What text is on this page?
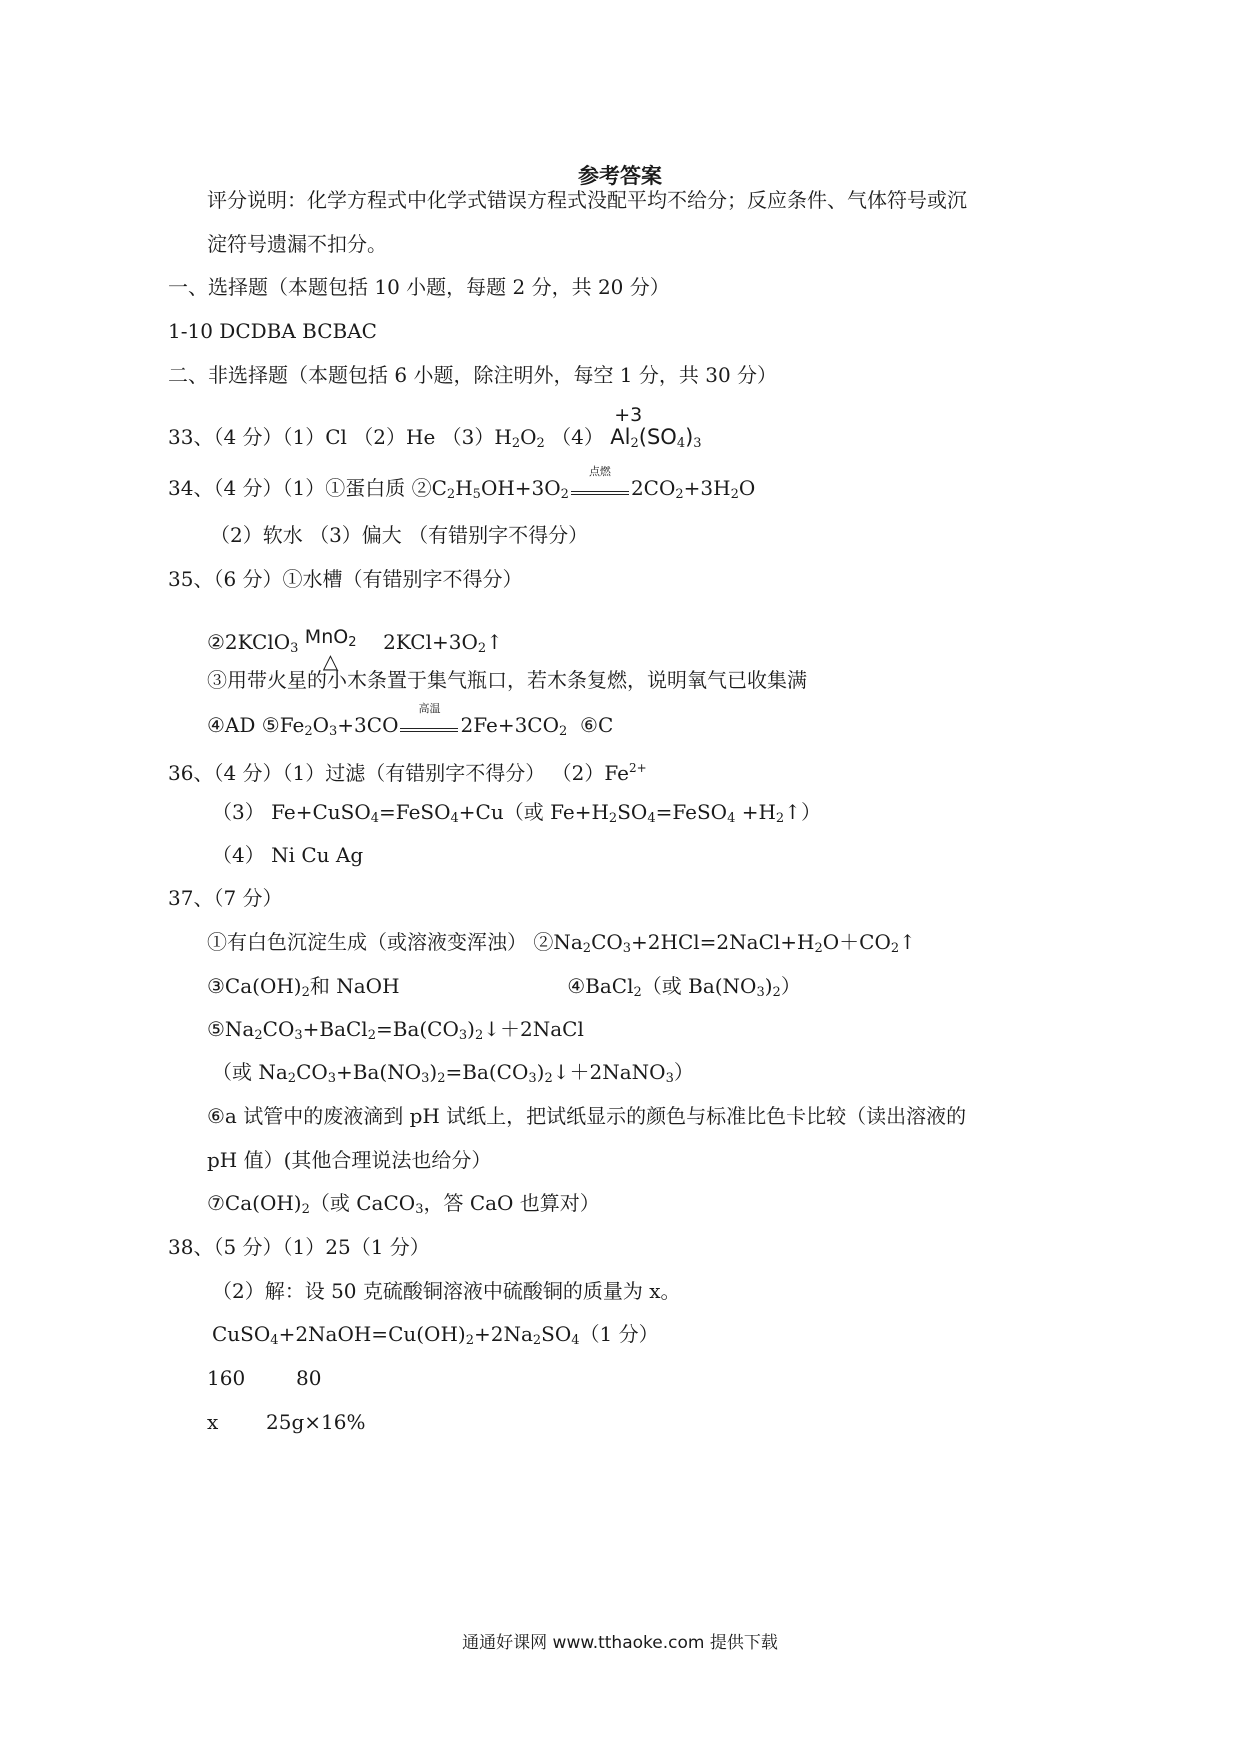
参考答案
评分说明：化学方程式中化学式错误方程式没配平均不给分；反应条件、气体符号或沉
淀符号遗漏不扣分。
一、选择题（本题包括 10 小题，每题 2 分，共 20 分）
1-10 DCDBA BCBAC
二、非选择题（本题包括 6 小题，除注明外，每空 1 分，共 30 分）
33、（4 分）（1）Cl （2）He $(3)H_2O_2$ （4）
+3
$Al_2(SO_4)_3$
34、（4 分）（1）①蛋白质 $②C_2H_5OH+3O_2$
点燃
$2CO_2+3H_2O$
（2）软水 （3）偏大 （有错别字不得分）
35、（6 分）①水槽（有错别字不得分）
②2KClO$_3$
MnO$_2$
△
$2KCl+3O_2↑$
③用带火星的小木条置于集气瓶口，若木条复燃，说明氧气已收集满
④AD $⑤Fe_2O_3+3CO$
高温
$2Fe+3CO_2$ ⑥C
36、（4 分）（1）过滤（有错别字不得分） $(2)Fe^{2+}$
（3） Fe+CuSO$_4$=FeSO$_4$+Cu（或 $Fe+H_2SO_4=FeSO_4$ $+H_2↑$）
（4） Ni Cu Ag
37、（7 分）
①有白色沉淀生成（或溶液变浑浊） $②Na_2CO_3+2HCl=2NaCl+H_2O+CO_2↑$
$③Ca(OH)_2$和 NaOH	④BaCl$_2$（或 $Ba(NO_3)_2$）
$⑤Na_2CO_3+BaCl_2=Ba(CO_3)_2↓+2NaCl$
（或 $Na_2CO_3+Ba(NO_3)_2=Ba(CO_3)_2↓+2NaNO_3$）
⑥a 试管中的废液滴到 pH 试纸上，把试纸显示的颜色与标准比色卡比较（读出溶液的
pH 值）(其他合理说法也给分）
$⑦Ca(OH)_2$（或 CaCO$_3$，答 CaO 也算对）
38、（5 分）（1）25（1 分）
（2）解：设 50 克硫酸铜溶液中硫酸铜的质量为 x。
$CuSO_4+2NaOH=Cu(OH)_2+2Na_2SO_4(1$ 分）
160	80
x 25g×16%
通通好课网 www.tthaoke.com 提供下载
